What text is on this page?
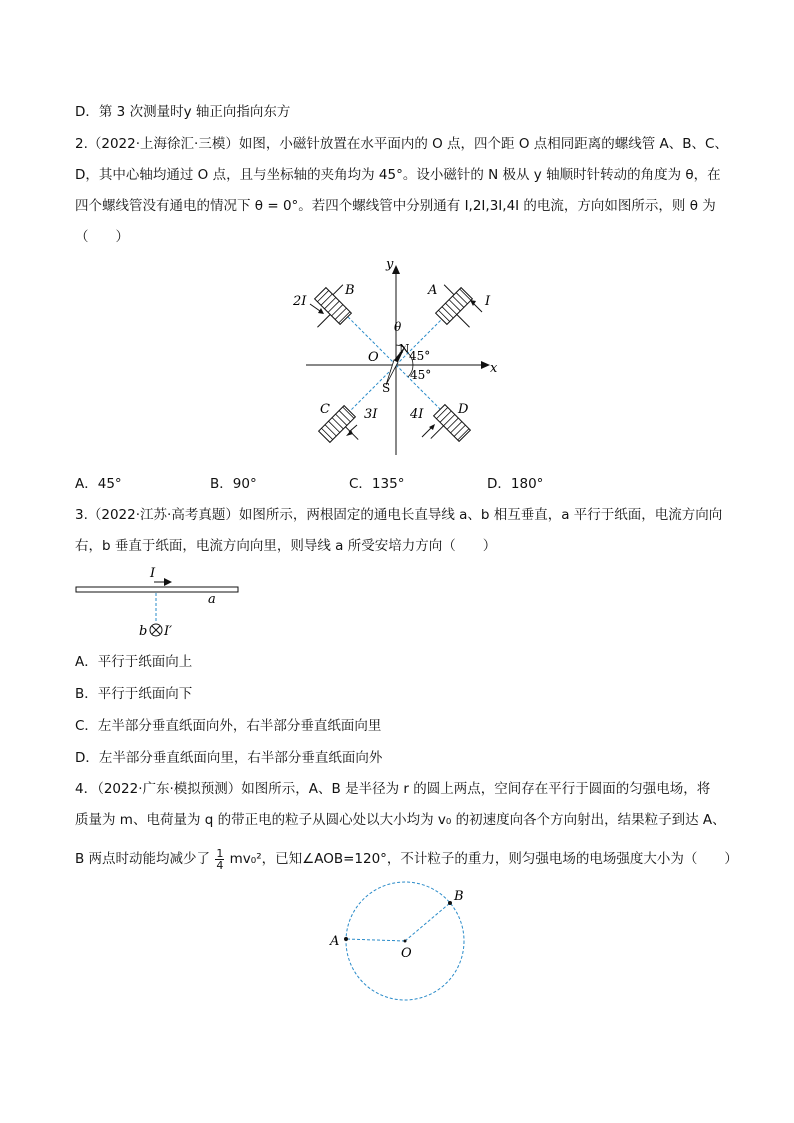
D．第 3 次测量时y 轴正向指向东方
2.（2022·上海徐汇·三模）如图，小磁针放置在水平面内的 O 点，四个距 O 点相同距离的螺线管 A、B、C、
D，其中心轴均通过 O 点，且与坐标轴的夹角均为 45°。设小磁针的 N 极从 y 轴顺时针转动的角度为 θ，在
四个螺线管没有通电的情况下 θ = 0°。若四个螺线管中分别通有 I,2I,3I,4I 的电流，方向如图所示，则 θ 为
（　　）
y
x
O
θ
45°
45°
N
S
A
I
B
2I
C	3I	D
4I
A．45°	B．90°	C．135°	D．180°
3.（2022·江苏·高考真题）如图所示，两根固定的通电长直导线 a、b 相互垂直，a 平行于纸面，电流方向向
右，b 垂直于纸面，电流方向向里，则导线 a 所受安培力方向（　　）
I
a
b I′
A．平行于纸面向上
B．平行于纸面向下
C．左半部分垂直纸面向外，右半部分垂直纸面向里
D．左半部分垂直纸面向里，右半部分垂直纸面向外
4．（2022·广东·模拟预测）如图所示，A、B 是半径为 r 的圆上两点，空间存在平行于圆面的匀强电场，将
质量为 m、电荷量为 q 的带正电的粒子从圆心处以大小均为 v₀ 的初速度向各个方向射出，结果粒子到达 A、
B 两点时动能均减少了 $\frac{1}{4} mv_0^2$，已知∠AOB=120°，不计粒子的重力，则匀强电场的电场强度大小为（　　）
A
B
O
